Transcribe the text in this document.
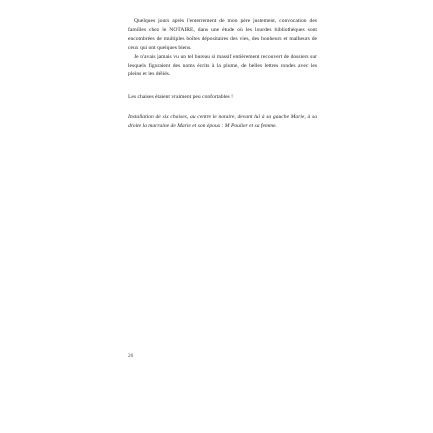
Quelques jours après l'enterrement de mon père justement, convocation des familles chez le NOTAIRE, dans une étude où les lourdes bibliothèques sont encombrées de multiples boîtes dépositaires des vies, des bonheurs et malheurs de ceux qui ont quelques biens.

Je n'avais jamais vu un tel bureau si massif entièrement recouvert de dossiers sur lesquels figuraient des noms écrits à la plume, de belles lettres rondes avec les pleins et les déliés.

Les chaises étaient vraiment peu confortables !

Installation de six chaises, au centre le notaire, devant lui à sa gauche Marie, à sa droite la marraine de Marie et son époux : M Poulier et sa femme.

26
